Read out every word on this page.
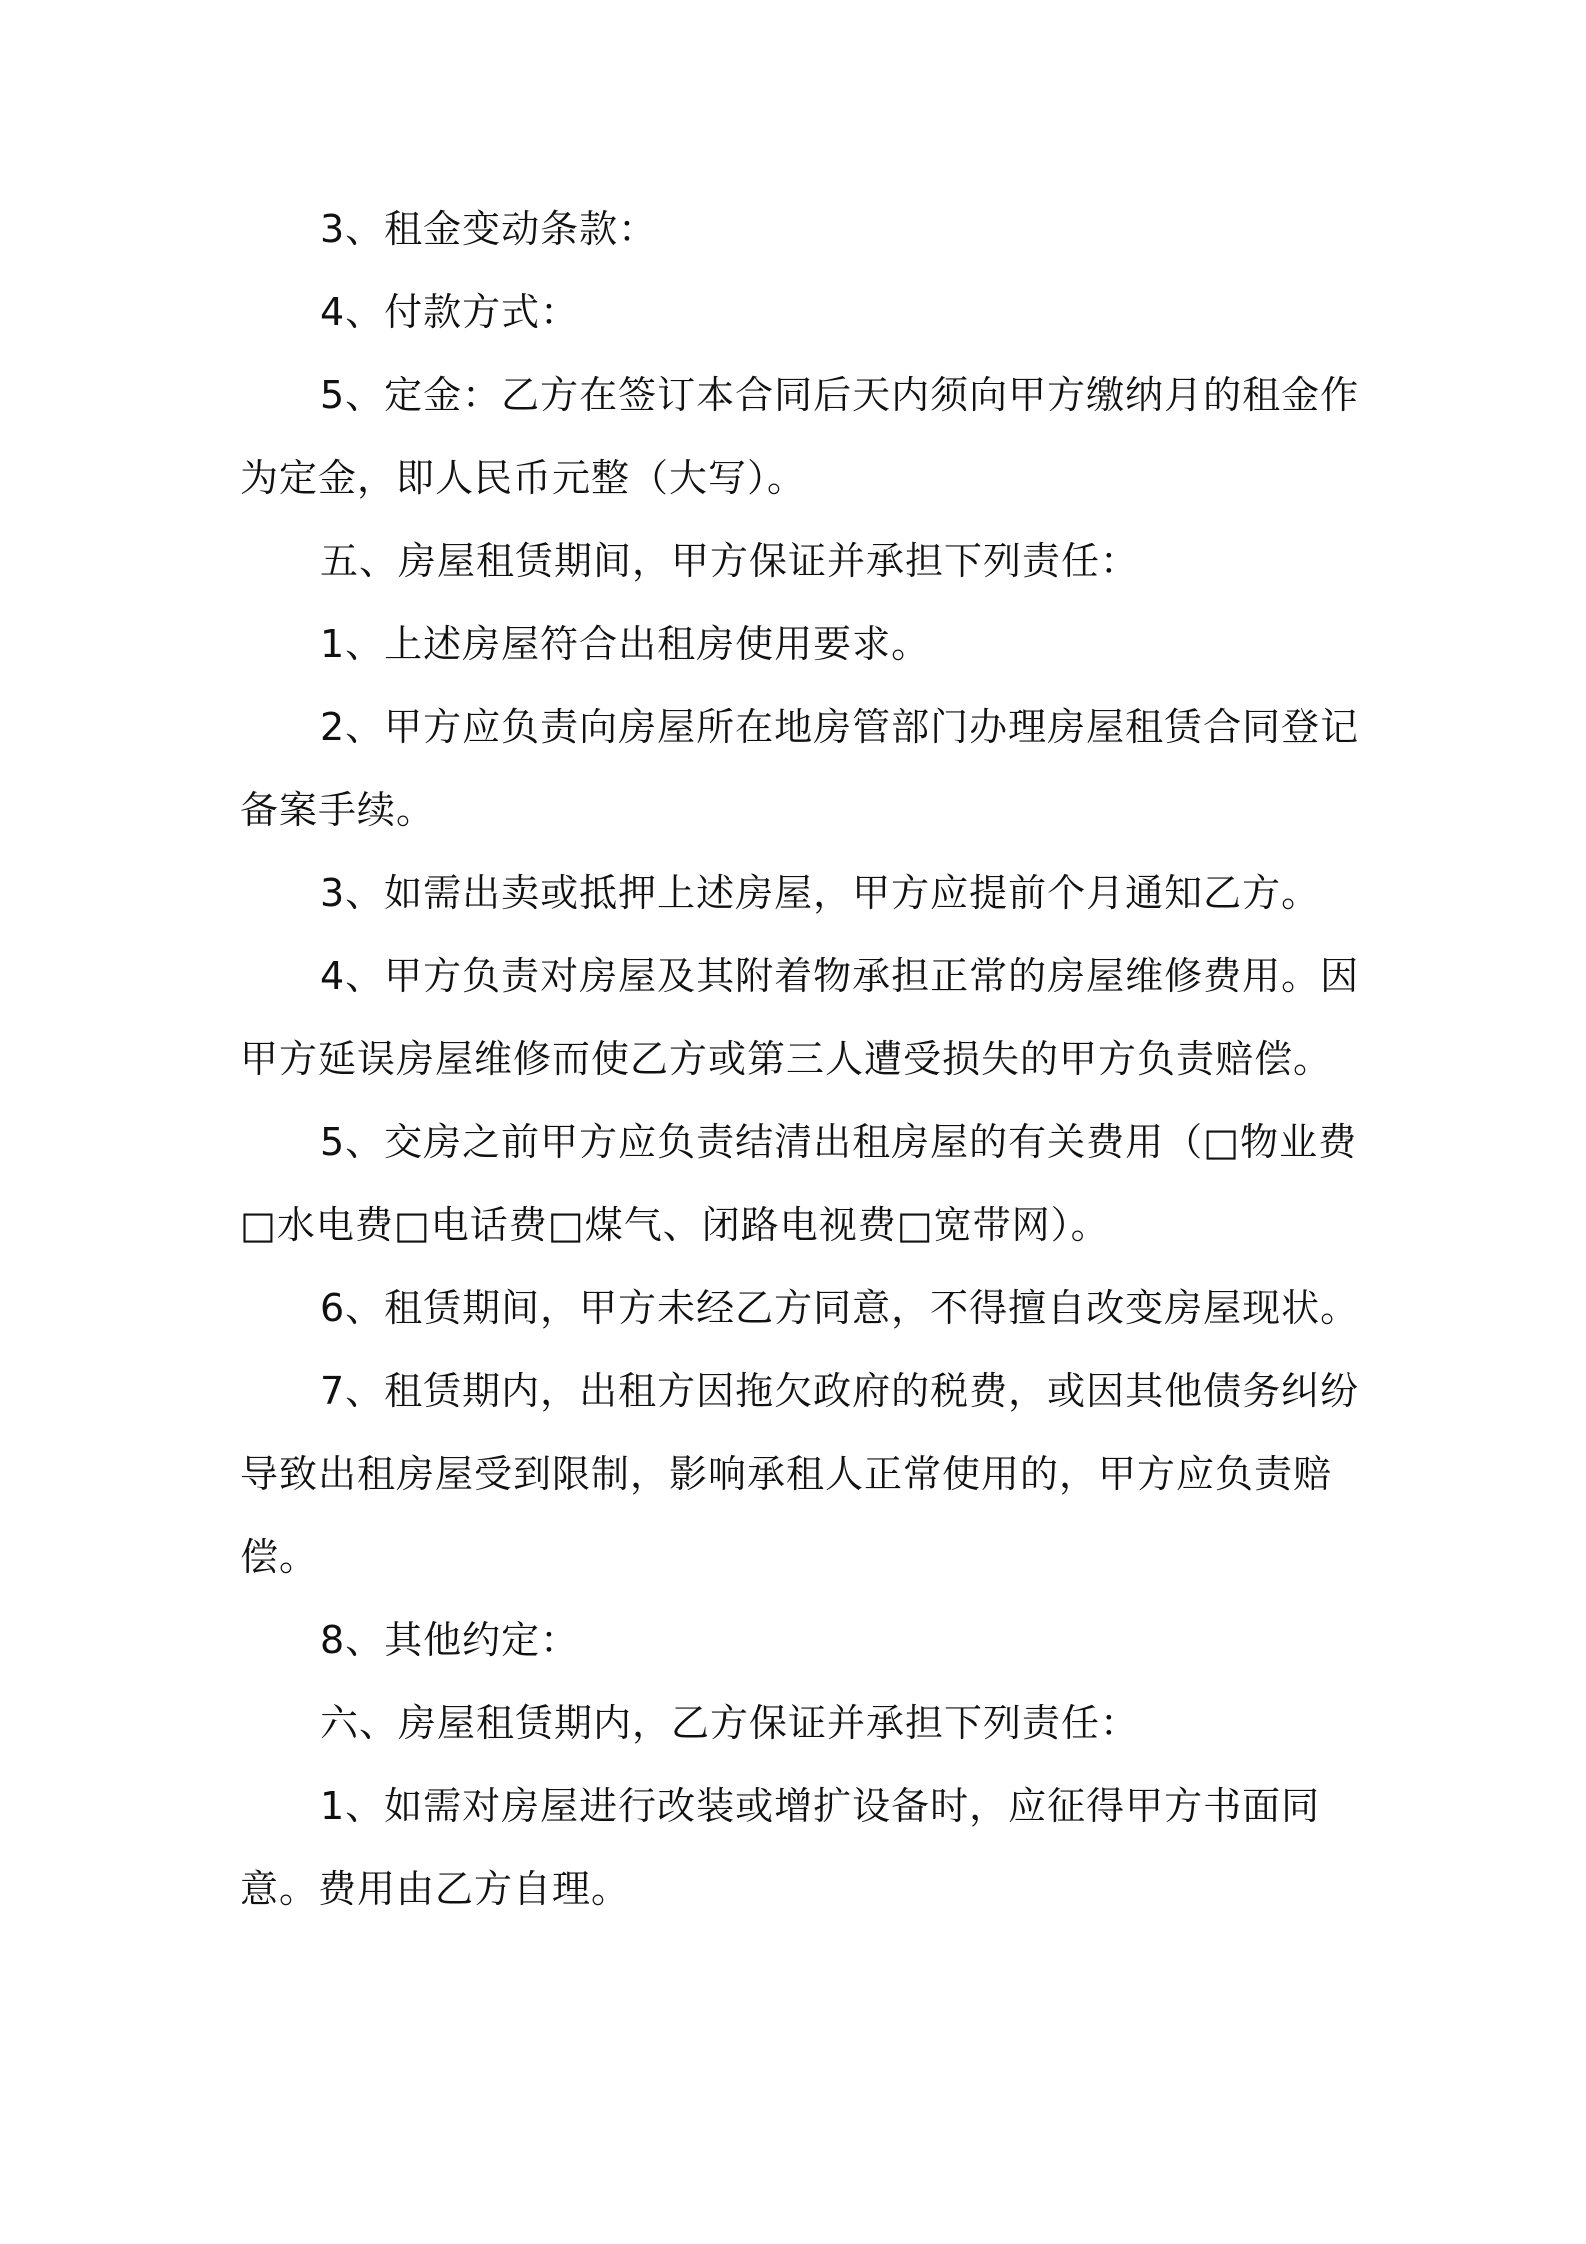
3、租金变动条款：

4、付款方式：

5、定金：乙方在签订本合同后天内须向甲方缴纳月的租金作为定金，即人民币元整（大写）。

五、房屋租赁期间，甲方保证并承担下列责任：

1、上述房屋符合出租房使用要求。

2、甲方应负责向房屋所在地房管部门办理房屋租赁合同登记备案手续。

3、如需出卖或抵押上述房屋，甲方应提前个月通知乙方。

4、甲方负责对房屋及其附着物承担正常的房屋维修费用。因甲方延误房屋维修而使乙方或第三人遭受损失的甲方负责赔偿。

5、交房之前甲方应负责结清出租房屋的有关费用（□物业费□水电费□电话费□煤气、闭路电视费□宽带网）。

6、租赁期间，甲方未经乙方同意，不得擅自改变房屋现状。

7、租赁期内，出租方因拖欠政府的税费，或因其他债务纠纷导致出租房屋受到限制，影响承租人正常使用的，甲方应负责赔偿。

8、其他约定：

六、房屋租赁期内，乙方保证并承担下列责任：

1、如需对房屋进行改装或增扩设备时，应征得甲方书面同意。费用由乙方自理。
